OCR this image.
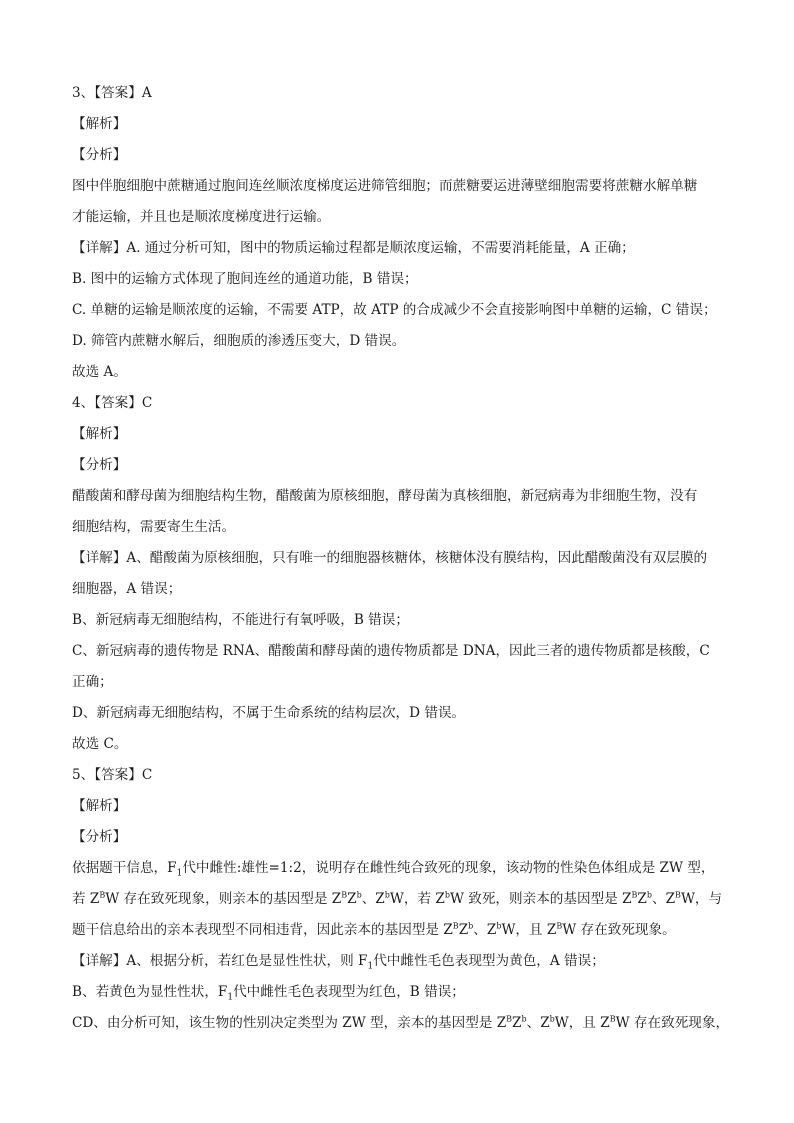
3、【答案】A
【解析】
【分析】
图中伴胞细胞中蔗糖通过胞间连丝顺浓度梯度运进筛管细胞；而蔗糖要运进薄壁细胞需要将蔗糖水解单糖
才能运输，并且也是顺浓度梯度进行运输。
【详解】A. 通过分析可知，图中的物质运输过程都是顺浓度运输，不需要消耗能量，A 正确；
B. 图中的运输方式体现了胞间连丝的通道功能，B 错误；
C. 单糖的运输是顺浓度的运输，不需要 ATP，故 ATP 的合成减少不会直接影响图中单糖的运输，C 错误；
D. 筛管内蔗糖水解后，细胞质的渗透压变大，D 错误。
故选 A。
4、【答案】C
【解析】
【分析】
醋酸菌和酵母菌为细胞结构生物，醋酸菌为原核细胞，酵母菌为真核细胞，新冠病毒为非细胞生物，没有
细胞结构，需要寄生生活。
【详解】A、醋酸菌为原核细胞，只有唯一的细胞器核糖体，核糖体没有膜结构，因此醋酸菌没有双层膜的
细胞器，A 错误；
B、新冠病毒无细胞结构，不能进行有氧呼吸，B 错误；
C、新冠病毒的遗传物是 RNA、醋酸菌和酵母菌的遗传物质都是 DNA，因此三者的遗传物质都是核酸，C
正确；
D、新冠病毒无细胞结构，不属于生命系统的结构层次，D 错误。
故选 C。
5、【答案】C
【解析】
【分析】
依据题干信息，$F_1$代中雌性:雄性=1:2，说明存在雌性纯合致死的现象，该动物的性染色体组成是 ZW 型，
若 $Z^BW$ 存在致死现象，则亲本的基因型是 $Z^BZ^b$、$Z^bW$，若 $Z^bW$ 致死，则亲本的基因型是 $Z^BZ^b$、$Z^BW$，与
题干信息给出的亲本表现型不同相违背，因此亲本的基因型是 $Z^BZ^b$、$Z^bW$，且 $Z^BW$ 存在致死现象。
【详解】A、根据分析，若红色是显性性状，则 $F_1$代中雌性毛色表现型为黄色，A 错误；
B、若黄色为显性性状，$F_1$代中雌性毛色表现型为红色，B 错误；
CD、由分析可知，该生物的性别决定类型为 ZW 型，亲本的基因型是 $Z^BZ^b$、$Z^bW$，且 $Z^BW$ 存在致死现象，
